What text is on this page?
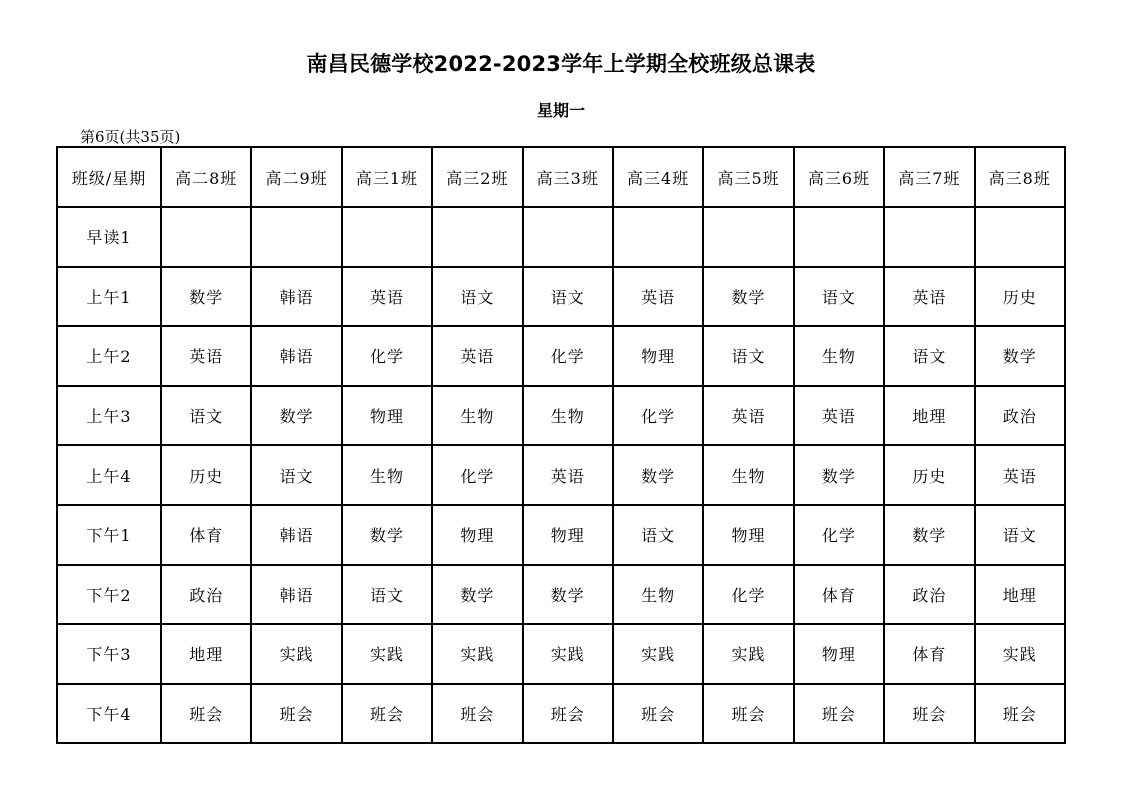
南昌民德学校2022-2023学年上学期全校班级总课表
星期一
第6页(共35页)
班级/星期	高二8班	高二9班	高三1班	高三2班	高三3班	高三4班	高三5班	高三6班	高三7班	高三8班
早读1										
上午1	数学	韩语	英语	语文	语文	英语	数学	语文	英语	历史
上午2	英语	韩语	化学	英语	化学	物理	语文	生物	语文	数学
上午3	语文	数学	物理	生物	生物	化学	英语	英语	地理	政治
上午4	历史	语文	生物	化学	英语	数学	生物	数学	历史	英语
下午1	体育	韩语	数学	物理	物理	语文	物理	化学	数学	语文
下午2	政治	韩语	语文	数学	数学	生物	化学	体育	政治	地理
下午3	地理	实践	实践	实践	实践	实践	实践	物理	体育	实践
下午4	班会	班会	班会	班会	班会	班会	班会	班会	班会	班会
